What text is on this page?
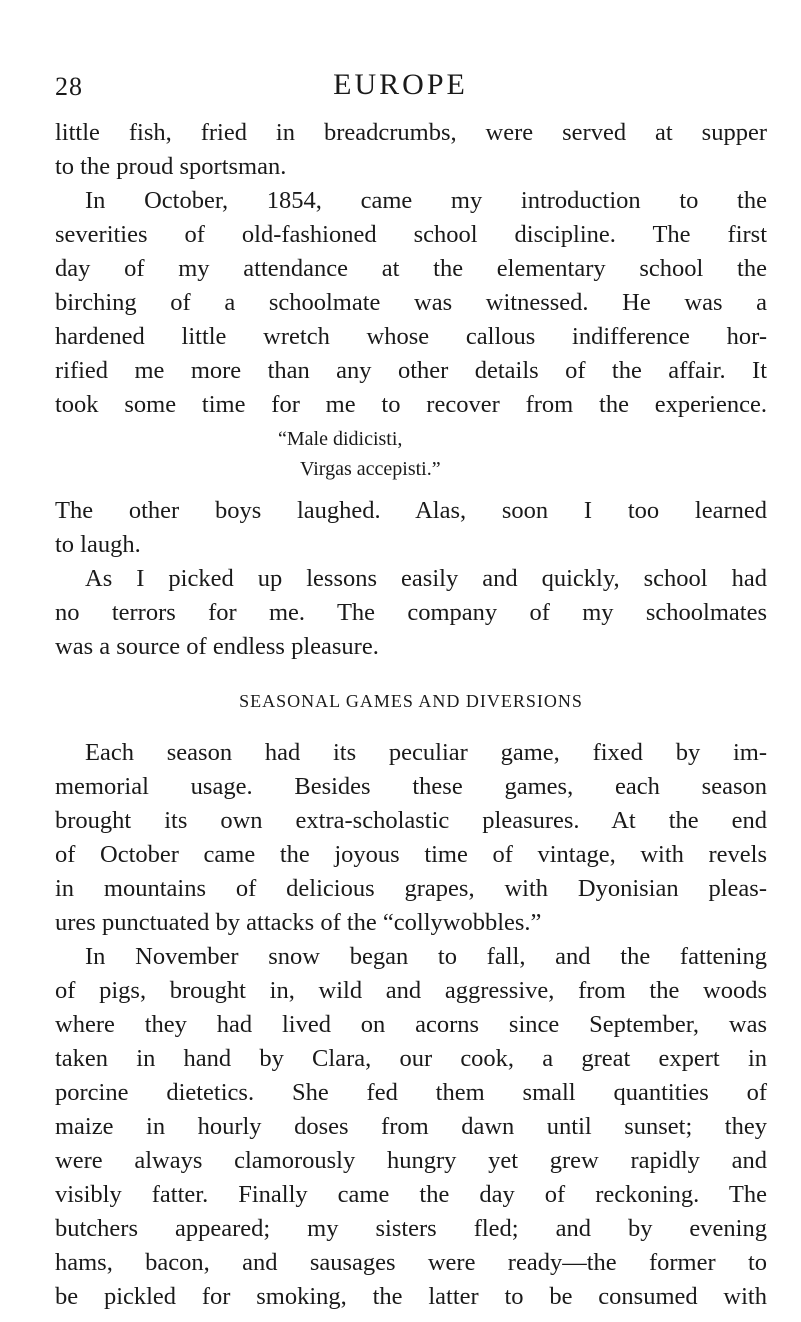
28	EUROPE
little fish, fried in breadcrumbs, were served at supper
to the proud sportsman.
In October, 1854, came my introduction to the
severities of old-fashioned school discipline. The first
day of my attendance at the elementary school the
birching of a schoolmate was witnessed. He was a
hardened little wretch whose callous indifference hor-
rified me more than any other details of the affair. It
took some time for me to recover from the experience.
“Male didicisti,
Virgas accepisti.”
The other boys laughed. Alas, soon I too learned
to laugh.
As I picked up lessons easily and quickly, school had
no terrors for me. The company of my schoolmates
was a source of endless pleasure.
SEASONAL GAMES AND DIVERSIONS
Each season had its peculiar game, fixed by im-
memorial usage. Besides these games, each season
brought its own extra-scholastic pleasures. At the end
of October came the joyous time of vintage, with revels
in mountains of delicious grapes, with Dyonisian pleas-
ures punctuated by attacks of the “collywobbles.”
In November snow began to fall, and the fattening
of pigs, brought in, wild and aggressive, from the woods
where they had lived on acorns since September, was
taken in hand by Clara, our cook, a great expert in
porcine dietetics. She fed them small quantities of
maize in hourly doses from dawn until sunset; they
were always clamorously hungry yet grew rapidly and
visibly fatter. Finally came the day of reckoning. The
butchers appeared; my sisters fled; and by evening
hams, bacon, and sausages were ready—the former to
be pickled for smoking, the latter to be consumed with
